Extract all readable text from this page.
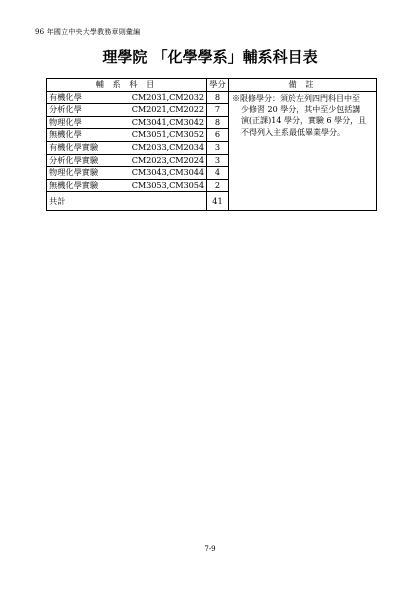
96 年國立中央大學教務章則彙編
理學院 「化學學系」輔系科目表
輔 系 科 目	學分	備 註

有機化學 CM2031,CM2032	8	※限修學分：須於左列四門科目中至
少修習 20 學分，其中至少包括講
演(正課)14 學分，實驗 6 學分，且
不得列入主系最低畢業學分。

分析化學 CM2021,CM2022	7	

物理化學 CM3041,CM3042	8	

無機化學 CM3051,CM3052	6	

有機化學實驗 CM2033,CM2034	3	

分析化學實驗 CM2023,CM2024	3	

物理化學實驗 CM3043,CM3044	4	

無機化學實驗 CM3053,CM3054	2	
共計	41	
7-9
